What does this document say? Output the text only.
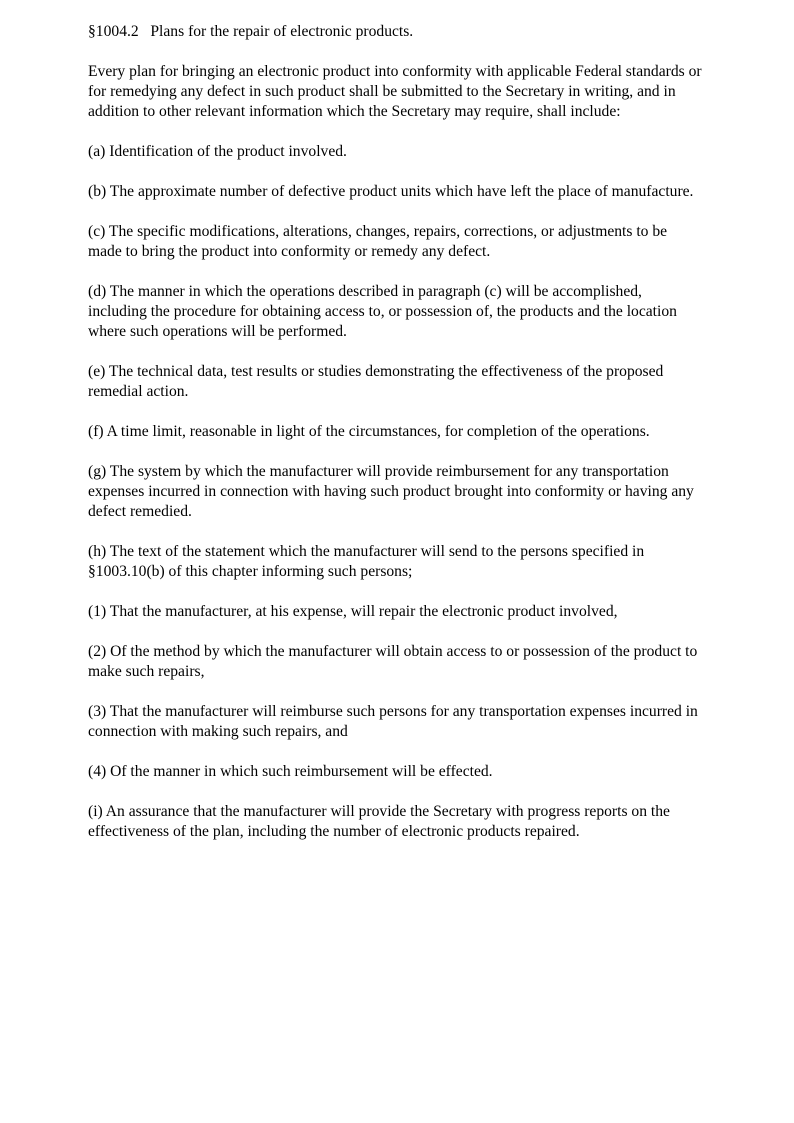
§1004.2   Plans for the repair of electronic products.

Every plan for bringing an electronic product into conformity with applicable Federal standards or for remedying any defect in such product shall be submitted to the Secretary in writing, and in addition to other relevant information which the Secretary may require, shall include:

(a) Identification of the product involved.

(b) The approximate number of defective product units which have left the place of manufacture.

(c) The specific modifications, alterations, changes, repairs, corrections, or adjustments to be made to bring the product into conformity or remedy any defect.

(d) The manner in which the operations described in paragraph (c) will be accomplished, including the procedure for obtaining access to, or possession of, the products and the location where such operations will be performed.

(e) The technical data, test results or studies demonstrating the effectiveness of the proposed remedial action.

(f) A time limit, reasonable in light of the circumstances, for completion of the operations.

(g) The system by which the manufacturer will provide reimbursement for any transportation expenses incurred in connection with having such product brought into conformity or having any defect remedied.

(h) The text of the statement which the manufacturer will send to the persons specified in §1003.10(b) of this chapter informing such persons;

(1) That the manufacturer, at his expense, will repair the electronic product involved,

(2) Of the method by which the manufacturer will obtain access to or possession of the product to make such repairs,

(3) That the manufacturer will reimburse such persons for any transportation expenses incurred in connection with making such repairs, and

(4) Of the manner in which such reimbursement will be effected.

(i) An assurance that the manufacturer will provide the Secretary with progress reports on the effectiveness of the plan, including the number of electronic products repaired.
